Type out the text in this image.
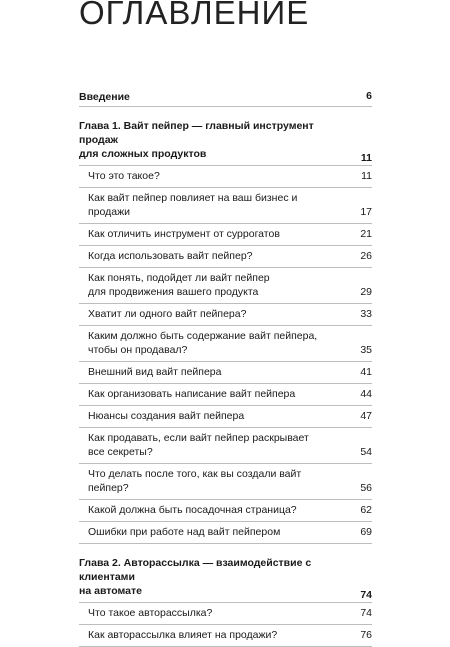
ОГЛАВЛЕНИЕ
Введение	6
Глава 1. Вайт пейпер — главный инструмент продаж
для сложных продуктов	11
Что это такое?	11
Как вайт пейпер повлияет на ваш бизнес и продажи	17
Как отличить инструмент от суррогатов	21
Когда использовать вайт пейпер?	26
Как понять, подойдет ли вайт пейпер
для продвижения вашего продукта	29
Хватит ли одного вайт пейпера?	33
Каким должно быть содержание вайт пейпера,
чтобы он продавал?	35
Внешний вид вайт пейпера	41
Как организовать написание вайт пейпера	44
Нюансы создания вайт пейпера	47
Как продавать, если вайт пейпер раскрывает
все секреты?	54
Что делать после того, как вы создали вайт пейпер?	56
Какой должна быть посадочная страница?	62
Ошибки при работе над вайт пейпером	69
Глава 2. Авторассылка — взаимодействие с клиентами
на автомате	74
Что такое авторассылка?	74
Как авторассылка влияет на продажи?	76
